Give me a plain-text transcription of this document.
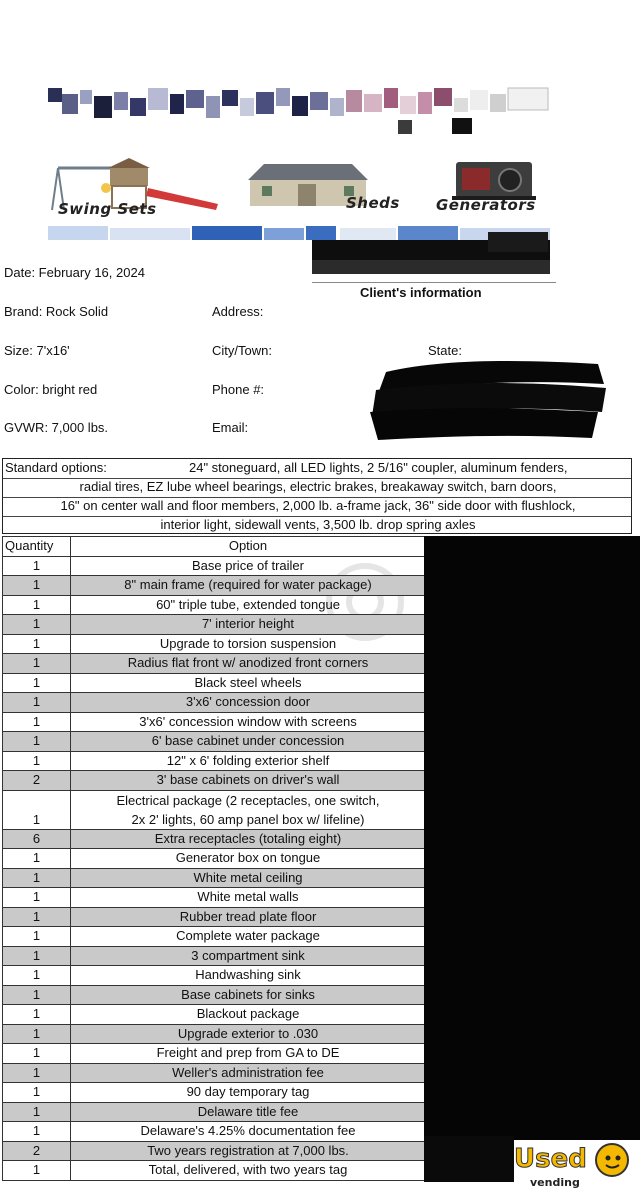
Swing Sets	Sheds Generators
Date: February 16, 2024
Client's information
Brand: Rock Solid	Address:
Size: 7'x16'	City/Town:	State:
Color: bright red	Phone #:
GVWR: 7,000 lbs.	Email:
Standard options:	24" stoneguard, all LED lights, 2 5/16" coupler, aluminum fenders,
radial tires, EZ lube wheel bearings, electric brakes, breakaway switch, barn doors,
16" on center wall and floor members, 2,000 lb. a-frame jack, 36" side door with flushlock,
interior light, sidewall vents, 3,500 lb. drop spring axles
Quantity	Option
1	Base price of trailer
1	8" main frame (required for water package)
1	60" triple tube, extended tongue
1	7' interior height
1	Upgrade to torsion suspension
1	Radius flat front w/ anodized front corners
1	Black steel wheels
1	3'x6' concession door
1	3'x6' concession window with screens
1	6' base cabinet under concession
1	12" x 6' folding exterior shelf
2	3' base cabinets on driver's wall
1	Electrical package (2 receptacles, one switch,
2x 2' lights, 60 amp panel box w/ lifeline)

6	Extra receptacles (totaling eight)
1	Generator box on tongue
1	White metal ceiling
1	White metal walls
1	Rubber tread plate floor
1	Complete water package
1	3 compartment sink
1	Handwashing sink
1	Base cabinets for sinks
1	Blackout package
1	Upgrade exterior to .030
1	Freight and prep from GA to DE
1	Weller's administration fee
1	90 day temporary tag
1	Delaware title fee
1	Delaware's 4.25% documentation fee
2	Two years registration at 7,000 lbs.
1	Total, delivered, with two years tag	Used
vending
